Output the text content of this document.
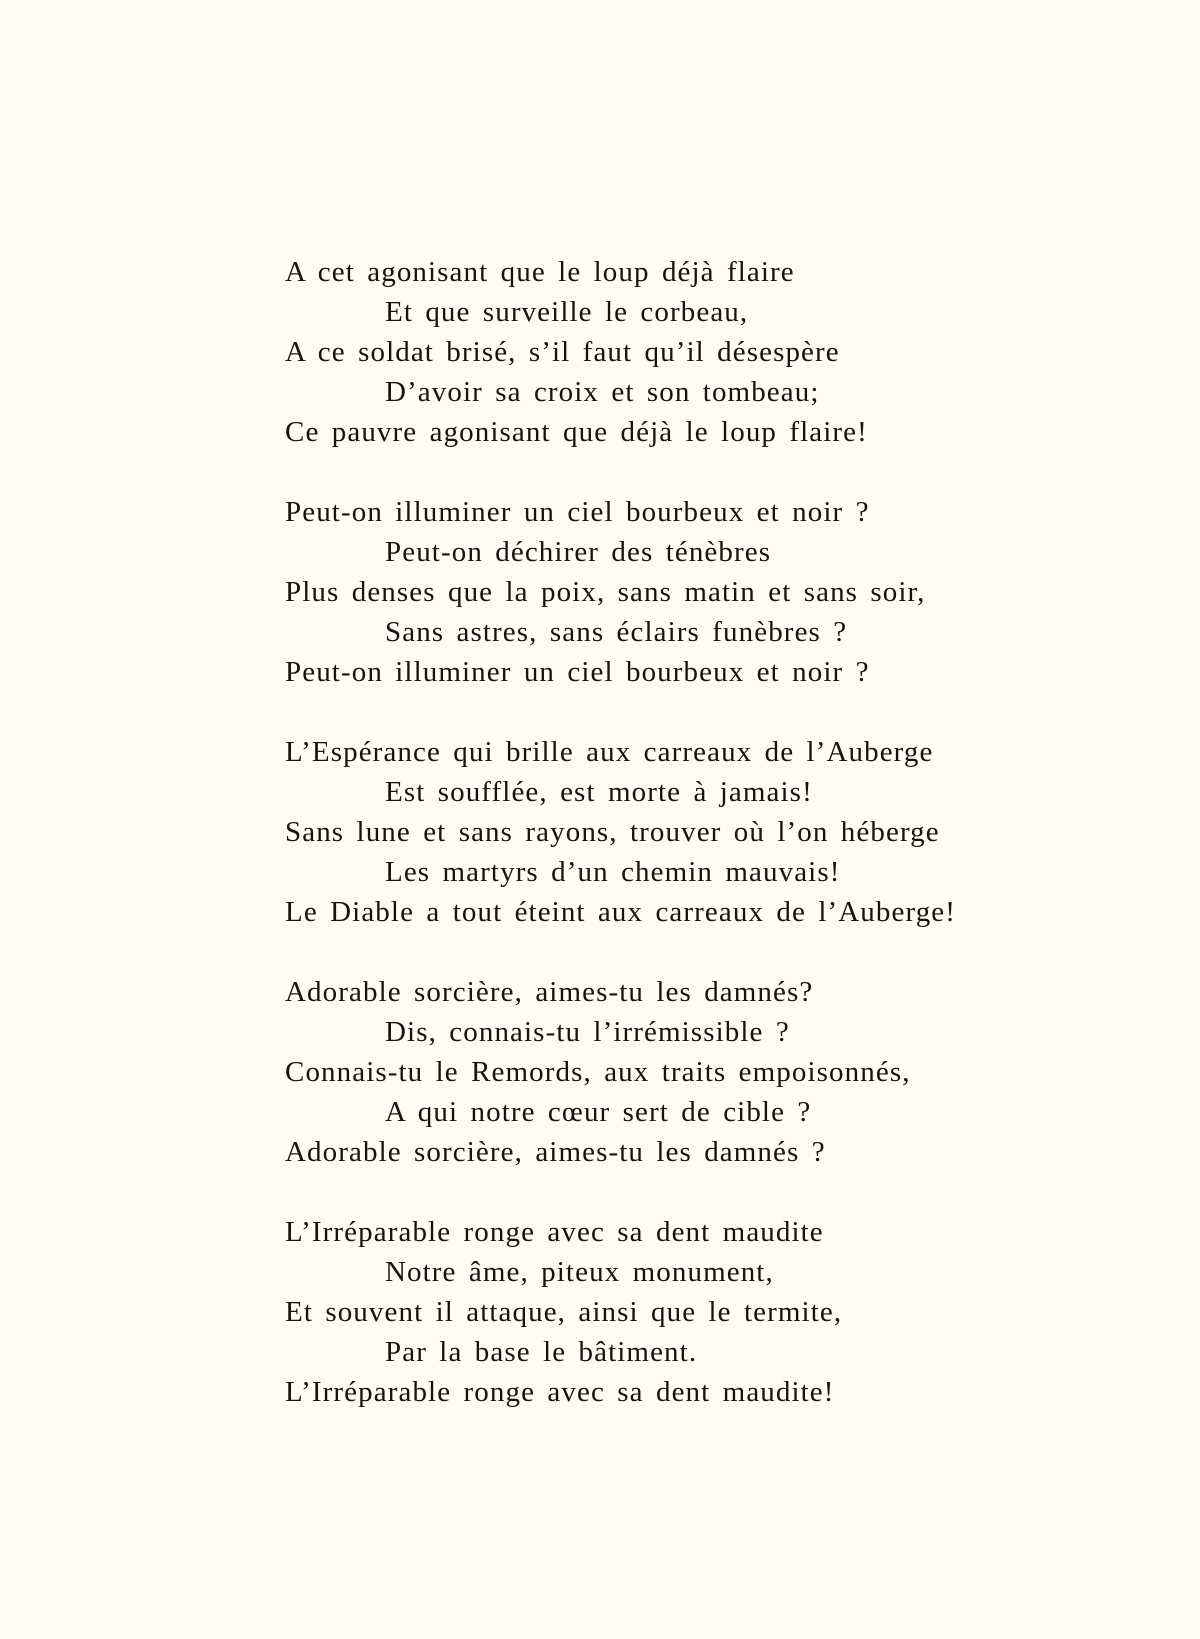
A cet agonisant que le loup déjà flaire
Et que surveille le corbeau,
A ce soldat brisé, s’il faut qu’il désespère
D’avoir sa croix et son tombeau;
Ce pauvre agonisant que déjà le loup flaire!
Peut-on illuminer un ciel bourbeux et noir ?
Peut-on déchirer des ténèbres
Plus denses que la poix, sans matin et sans soir,
Sans astres, sans éclairs funèbres ?
Peut-on illuminer un ciel bourbeux et noir ?
L’Espérance qui brille aux carreaux de l’Auberge
Est soufflée, est morte à jamais!
Sans lune et sans rayons, trouver où l’on héberge
Les martyrs d’un chemin mauvais!
Le Diable a tout éteint aux carreaux de l’Auberge!
Adorable sorcière, aimes-tu les damnés?
Dis, connais-tu l’irrémissible ?
Connais-tu le Remords, aux traits empoisonnés,
A qui notre cœur sert de cible ?
Adorable sorcière, aimes-tu les damnés ?
L’Irréparable ronge avec sa dent maudite
Notre âme, piteux monument,
Et souvent il attaque, ainsi que le termite,
Par la base le bâtiment.
L’Irréparable ronge avec sa dent maudite!
